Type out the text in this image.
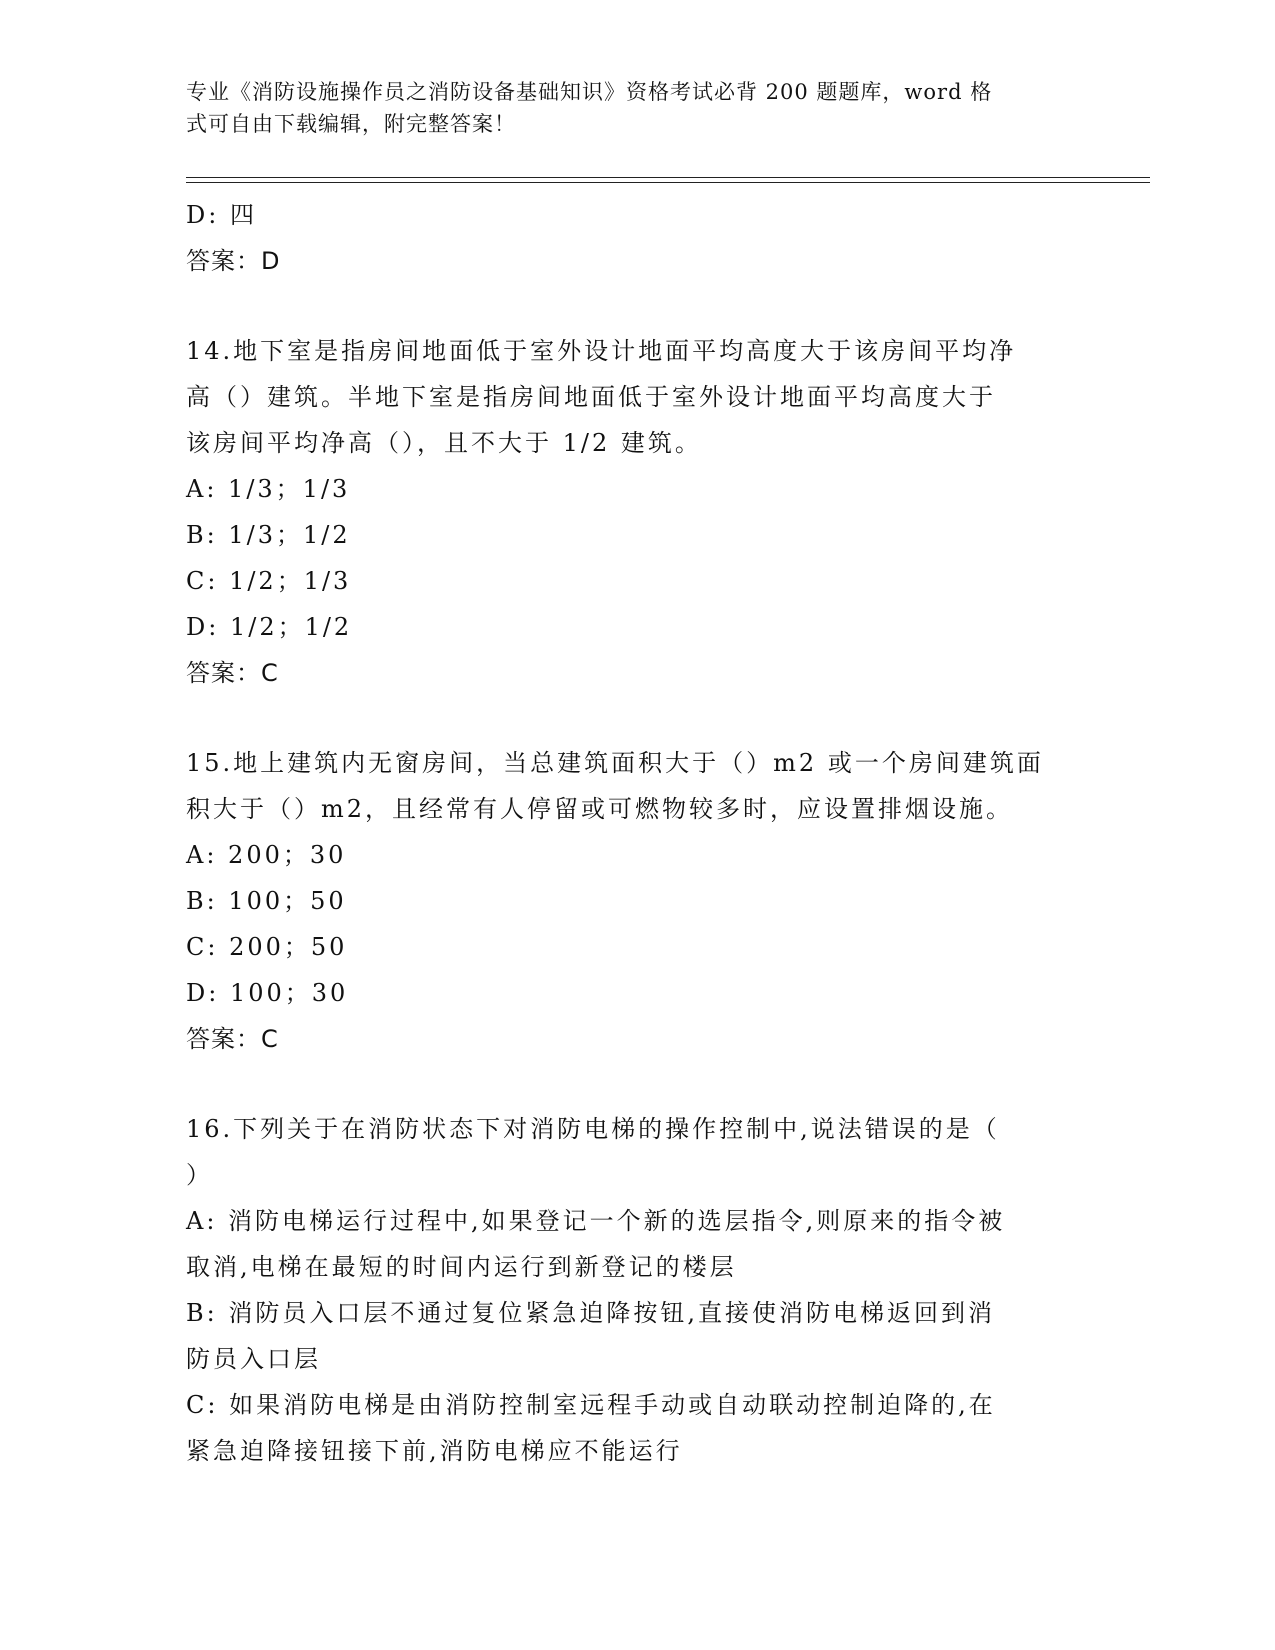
专业《消防设施操作员之消防设备基础知识》资格考试必背 200 题题库，word 格
式可自由下载编辑，附完整答案！
D: 四
答案：D
14.地下室是指房间地面低于室外设计地面平均高度大于该房间平均净
高（）建筑。半地下室是指房间地面低于室外设计地面平均高度大于
该房间平均净高（），且不大于 1/2 建筑。
A: 1/3；1/3
B: 1/3；1/2
C: 1/2；1/3
D: 1/2；1/2
答案：C
15.地上建筑内无窗房间，当总建筑面积大于（）m2 或一个房间建筑面
积大于（）m2，且经常有人停留或可燃物较多时，应设置排烟设施。
A: 200；30
B: 100；50
C: 200；50
D: 100；30
答案：C
16.下列关于在消防状态下对消防电梯的操作控制中,说法错误的是（
）
A: 消防电梯运行过程中,如果登记一个新的选层指令,则原来的指令被
取消,电梯在最短的时间内运行到新登记的楼层
B: 消防员入口层不通过复位紧急迫降按钮,直接使消防电梯返回到消
防员入口层
C: 如果消防电梯是由消防控制室远程手动或自动联动控制迫降的,在
紧急迫降接钮接下前,消防电梯应不能运行
